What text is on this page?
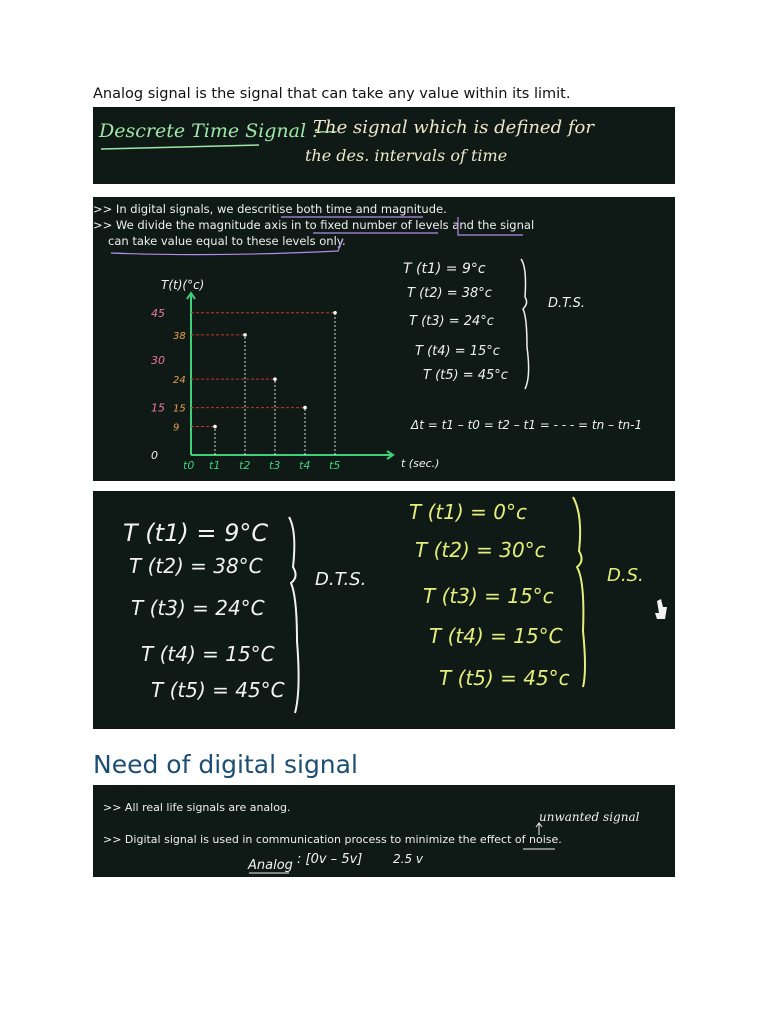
Analog signal is the signal that can take any value within its limit.
Descrete Time Signal :—
The signal which is defined for
the des. intervals of time
>> In digital signals, we descritise both time and magnitude.
>> We divide the magnitude axis in to fixed number of levels and the signal
can take value equal to these levels only.
45
30
15
0
38
24
15
9
t0 t1 t2 t3 t4 t5
T(t)(°c)
t (sec.)
T (t1) = 9°c
T (t2) = 38°c
T (t3) = 24°c
T (t4) = 15°c
T (t5) = 45°c
D.T.S.
Δt = t1 – t0 = t2 – t1 = - - - = tn – tn-1
T (t1) = 9°C
T (t2) = 38°C
T (t3) = 24°C
T (t4) = 15°C
T (t5) = 45°C
D.T.S.
T (t1) = 0°c
T (t2) = 30°c
T (t3) = 15°c
T (t4) = 15°C
T (t5) = 45°c
D.S.
Need of digital signal
>> All real life signals are analog.
>> Digital signal is used in communication process to minimize the effect of noise.
unwanted signal
Analog : [0v – 5v]	2.5 v
